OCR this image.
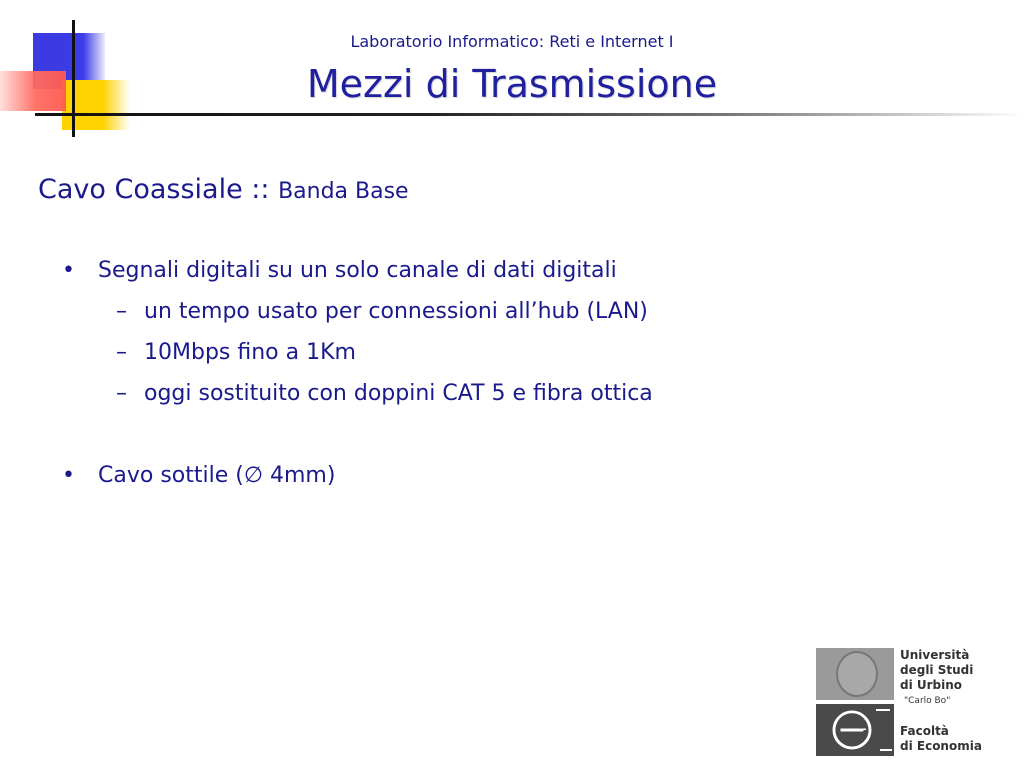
Laboratorio Informatico: Reti e Internet I
Mezzi di Trasmissione
Cavo Coassiale :: Banda Base
• Segnali digitali su un solo canale di dati digitali
– un tempo usato per connessioni all’hub (LAN)
– 10Mbps fino a 1Km
– oggi sostituito con doppini CAT 5 e fibra ottica
• Cavo sottile (∅ 4mm)
Università
degli Studi
di Urbino
"Carlo Bo"
Facoltà
di Economia
